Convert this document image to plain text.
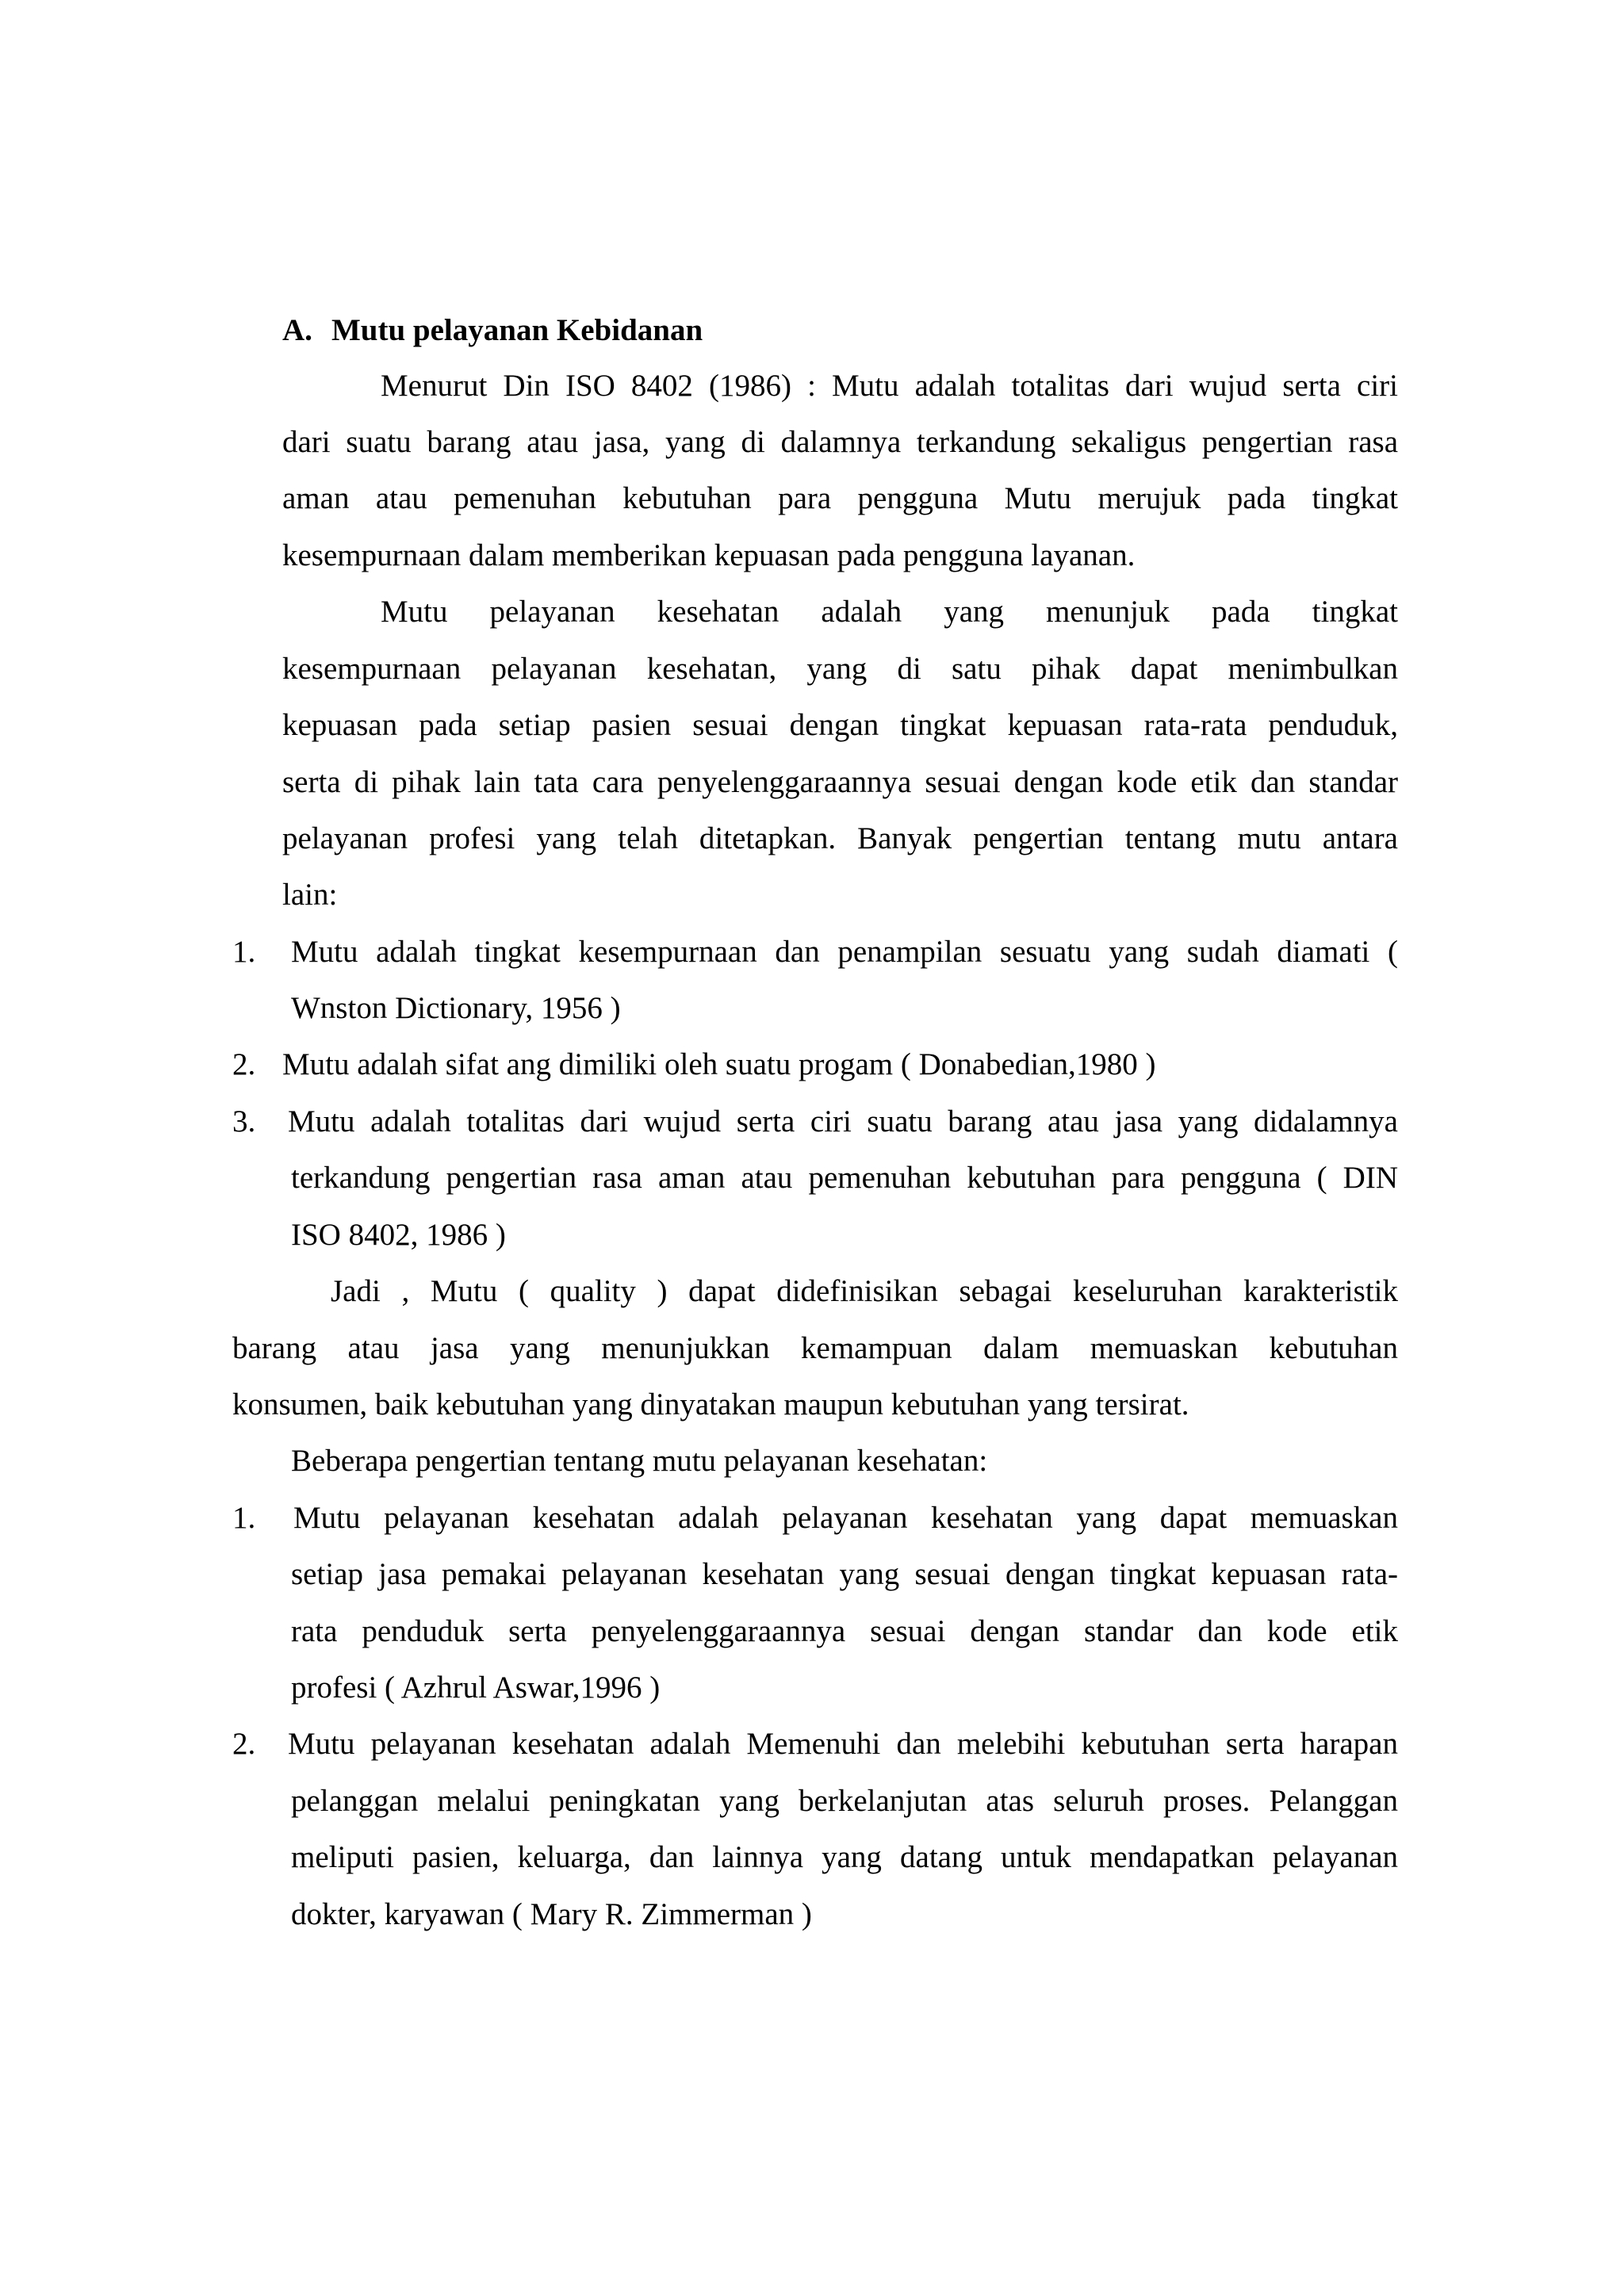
A. Mutu pelayanan Kebidanan
Menurut Din ISO 8402 (1986) : Mutu adalah totalitas dari wujud serta ciri
dari suatu barang atau jasa, yang di dalamnya terkandung sekaligus pengertian rasa
aman atau pemenuhan kebutuhan para pengguna Mutu merujuk pada tingkat
kesempurnaan dalam memberikan kepuasan pada pengguna layanan.
Mutu pelayanan kesehatan adalah yang menunjuk pada tingkat
kesempurnaan pelayanan kesehatan, yang di satu pihak dapat menimbulkan
kepuasan pada setiap pasien sesuai dengan tingkat kepuasan rata-rata penduduk,
serta di pihak lain tata cara penyelenggaraannya sesuai dengan kode etik dan standar
pelayanan profesi yang telah ditetapkan. Banyak pengertian tentang mutu antara
lain:
1. Mutu adalah tingkat kesempurnaan dan penampilan sesuatu yang sudah diamati (
Wnston Dictionary, 1956 )
2. Mutu adalah sifat ang dimiliki oleh suatu progam ( Donabedian,1980 )
3. Mutu adalah totalitas dari wujud serta ciri suatu barang atau jasa yang didalamnya
terkandung pengertian rasa aman atau pemenuhan kebutuhan para pengguna ( DIN
ISO 8402, 1986 )
Jadi , Mutu ( quality ) dapat didefinisikan sebagai keseluruhan karakteristik
barang atau jasa yang menunjukkan kemampuan dalam memuaskan kebutuhan
konsumen, baik kebutuhan yang dinyatakan maupun kebutuhan yang tersirat.
Beberapa pengertian tentang mutu pelayanan kesehatan:
1. Mutu pelayanan kesehatan adalah pelayanan kesehatan yang dapat memuaskan
setiap jasa pemakai pelayanan kesehatan yang sesuai dengan tingkat kepuasan rata-
rata penduduk serta penyelenggaraannya sesuai dengan standar dan kode etik
profesi ( Azhrul Aswar,1996 )
2. Mutu pelayanan kesehatan adalah Memenuhi dan melebihi kebutuhan serta harapan
pelanggan melalui peningkatan yang berkelanjutan atas seluruh proses. Pelanggan
meliputi pasien, keluarga, dan lainnya yang datang untuk mendapatkan pelayanan
dokter, karyawan ( Mary R. Zimmerman )
